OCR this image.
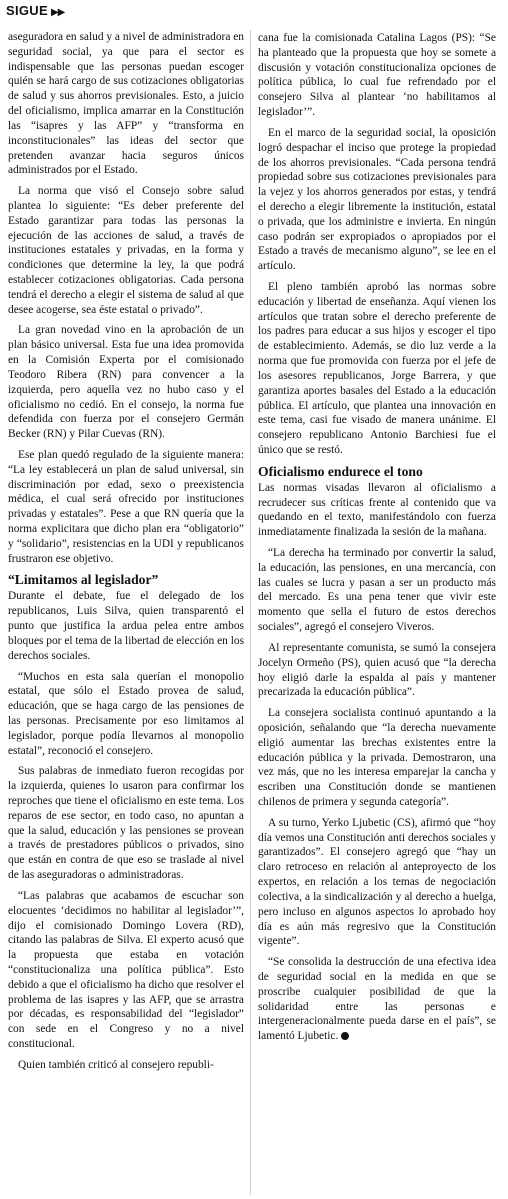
SIGUE ▶▶

aseguradora en salud y a nivel de administradora en seguridad social, ya que para el sector es indispensable que las personas puedan escoger quién se hará cargo de sus cotizaciones obligatorias de salud y sus ahorros previsionales. Esto, a juicio del oficialismo, implica amarrar en la Constitución las “isapres y las AFP” y “transforma en inconstitucionales” las ideas del sector que pretenden avanzar hacia seguros únicos administrados por el Estado.

La norma que visó el Consejo sobre salud plantea lo siguiente: “Es deber preferente del Estado garantizar para todas las personas la ejecución de las acciones de salud, a través de instituciones estatales y privadas, en la forma y condiciones que determine la ley, la que podrá establecer cotizaciones obligatorias. Cada persona tendrá el derecho a elegir el sistema de salud al que desee acogerse, sea éste estatal o privado”.

La gran novedad vino en la aprobación de un plan básico universal. Esta fue una idea promovida en la Comisión Experta por el comisionado Teodoro Ribera (RN) para convencer a la izquierda, pero aquella vez no hubo caso y el oficialismo no cedió. En el consejo, la norma fue defendida con fuerza por el consejero Germán Becker (RN) y Pilar Cuevas (RN).

Ese plan quedó regulado de la siguiente manera: “La ley establecerá un plan de salud universal, sin discriminación por edad, sexo o preexistencia médica, el cual será ofrecido por instituciones privadas y estatales”. Pese a que RN quería que la norma explicitara que dicho plan era “obligatorio” y “solidario”, resistencias en la UDI y republicanos frustraron ese objetivo.

“Limitamos al legislador”

Durante el debate, fue el delegado de los republicanos, Luis Silva, quien transparentó el punto que justifica la ardua pelea entre ambos bloques por el tema de la libertad de elección en los derechos sociales.

“Muchos en esta sala querían el monopolio estatal, que sólo el Estado provea de salud, educación, que se haga cargo de las pensiones de las personas. Precisamente por eso limitamos al legislador, porque podía llevarnos al monopolio estatal”, reconoció el consejero.

Sus palabras de inmediato fueron recogidas por la izquierda, quienes lo usaron para confirmar los reproches que tiene el oficialismo en este tema. Los reparos de ese sector, en todo caso, no apuntan a que la salud, educación y las pensiones se provean a través de prestadores públicos o privados, sino que están en contra de que eso se traslade al nivel de las aseguradoras o administradoras.

“Las palabras que acabamos de escuchar son elocuentes ‘decidimos no habilitar al legislador’”, dijo el comisionado Domingo Lovera (RD), citando las palabras de Silva. El experto acusó que la propuesta que estaba en votación “constitucionaliza una política pública”. Esto debido a que el oficialismo ha dicho que resolver el problema de las isapres y las AFP, que se arrastra por décadas, es responsabilidad del “legislador” con sede en el Congreso y no a nivel constitucional.

Quien también criticó al consejero republi-

cana fue la comisionada Catalina Lagos (PS): “Se ha planteado que la propuesta que hoy se somete a discusión y votación constitucionaliza opciones de política pública, lo cual fue refrendado por el consejero Silva al plantear ‘no habilitamos al legislador’”.

En el marco de la seguridad social, la oposición logró despachar el inciso que protege la propiedad de los ahorros previsionales. “Cada persona tendrá propiedad sobre sus cotizaciones previsionales para la vejez y los ahorros generados por estas, y tendrá el derecho a elegir libremente la institución, estatal o privada, que los administre e invierta. En ningún caso podrán ser expropiados o apropiados por el Estado a través de mecanismo alguno”, se lee en el artículo.

El pleno también aprobó las normas sobre educación y libertad de enseñanza. Aquí vienen los artículos que tratan sobre el derecho preferente de los padres para educar a sus hijos y escoger el tipo de establecimiento. Además, se dio luz verde a la norma que fue promovida con fuerza por el jefe de los asesores republicanos, Jorge Barrera, y que garantiza aportes basales del Estado a la educación pública. El artículo, que plantea una innovación en este tema, casi fue visado de manera unánime. El consejero republicano Antonio Barchiesi fue el único que se restó.

Oficialismo endurece el tono

Las normas visadas llevaron al oficialismo a recrudecer sus críticas frente al contenido que va quedando en el texto, manifestándolo con fuerza inmediatamente finalizada la sesión de la mañana.

“La derecha ha terminado por convertir la salud, la educación, las pensiones, en una mercancía, con las cuales se lucra y pasan a ser un producto más del mercado. Es una pena tener que vivir este momento que sella el futuro de estos derechos sociales”, agregó el consejero Viveros.

Al representante comunista, se sumó la consejera Jocelyn Ormeño (PS), quien acusó que “la derecha hoy eligió darle la espalda al país y mantener precarizada la educación pública”.

La consejera socialista continuó apuntando a la oposición, señalando que “la derecha nuevamente eligió aumentar las brechas existentes entre la educación pública y la privada. Demostraron, una vez más, que no les interesa emparejar la cancha y escriben una Constitución donde se mantienen chilenos de primera y segunda categoría”.

A su turno, Yerko Ljubetic (CS), afirmó que “hoy día vemos una Constitución anti derechos sociales y garantizados”. El consejero agregó que “hay un claro retroceso en relación al anteproyecto de los expertos, en relación a los temas de negociación colectiva, a la sindicalización y al derecho a huelga, pero incluso en algunos aspectos lo aprobado hoy día es aún más regresivo que la Constitución vigente”.

“Se consolida la destrucción de una efectiva idea de seguridad social en la medida en que se proscribe cualquier posibilidad de que la solidaridad entre las personas e intergeneracionalmente pueda darse en el país”, se lamentó Ljubetic.
